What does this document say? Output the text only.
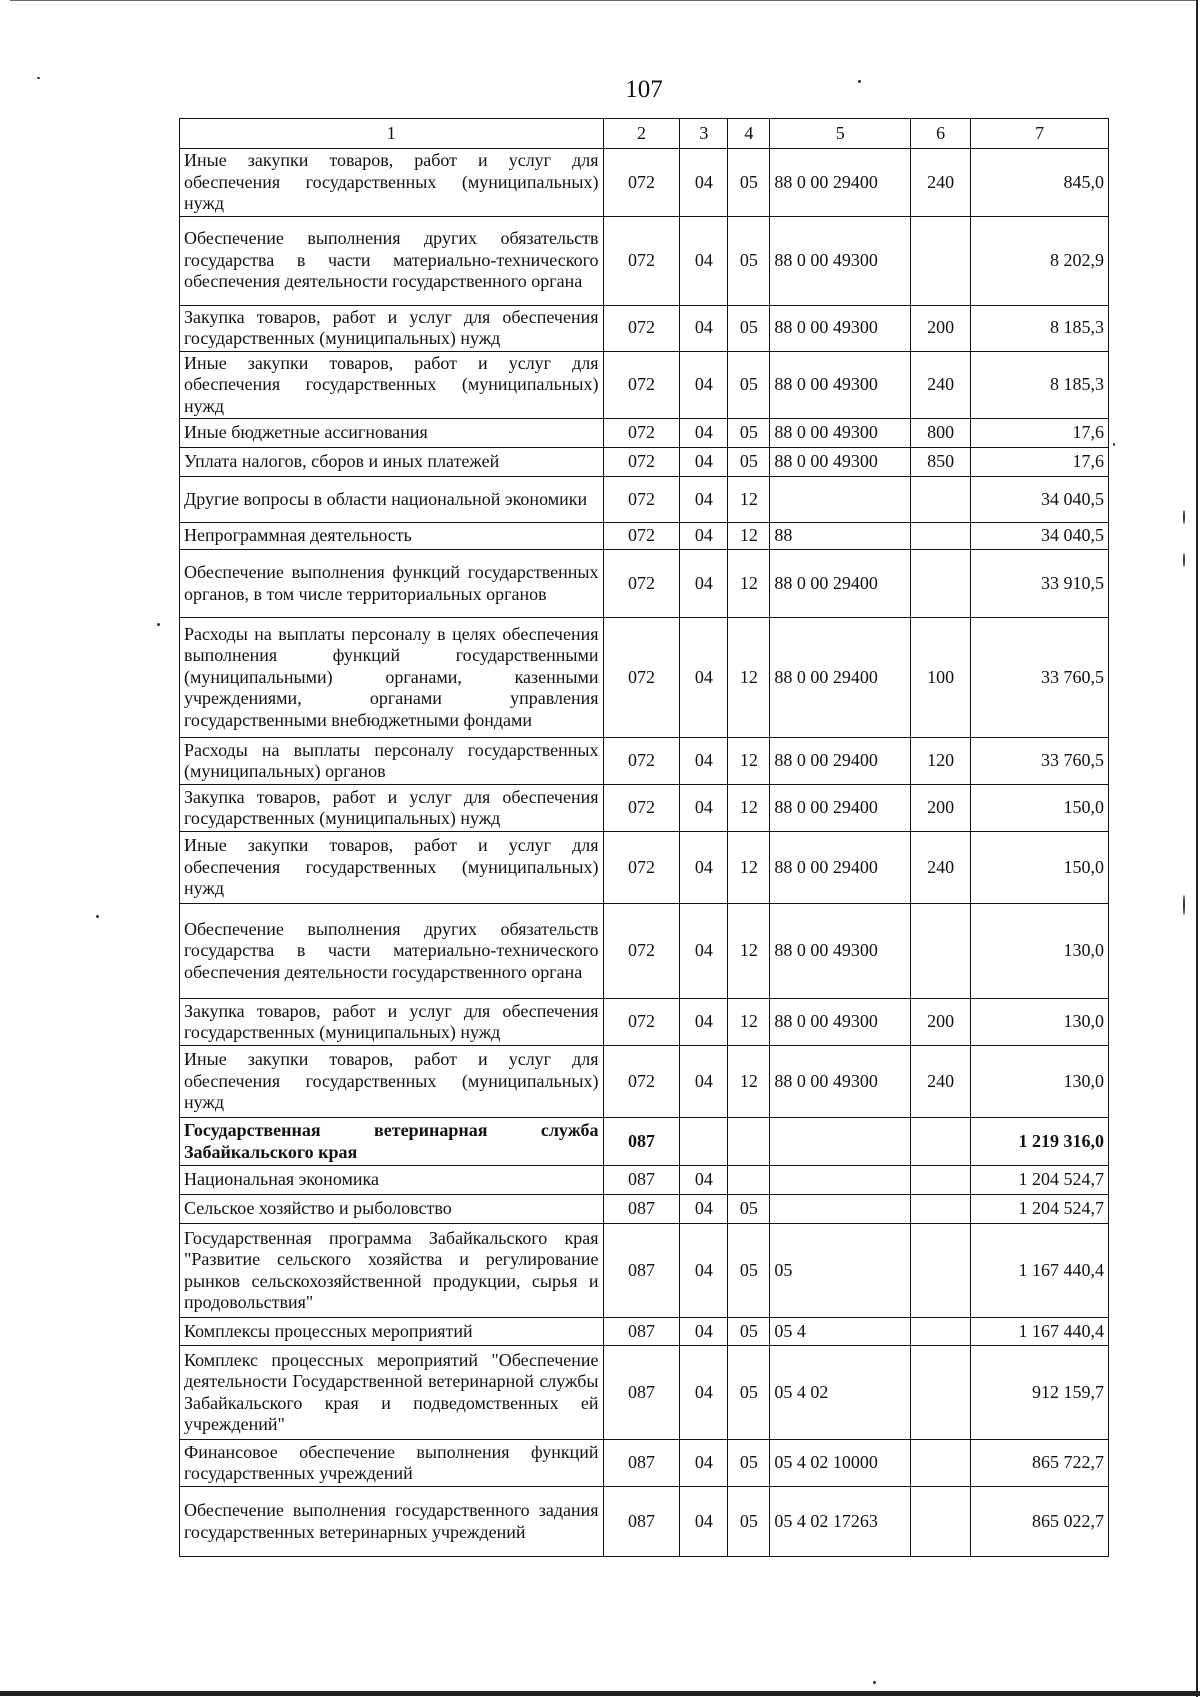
107
1	2	3	4	5	6	7
Иные закупки товаров, работ и услуг для обеспечения государственных (муниципальных) нужд	072	04	05	88 0 00 29400	240	845,0
Обеспечение выполнения других обязательств государства в части материально-технического обеспечения деятельности государственного органа	072	04	05	88 0 00 49300		8 202,9
Закупка товаров, работ и услуг для обеспечения государственных (муниципальных) нужд	072	04	05	88 0 00 49300	200	8 185,3
Иные закупки товаров, работ и услуг для обеспечения государственных (муниципальных) нужд	072	04	05	88 0 00 49300	240	8 185,3
Иные бюджетные ассигнования	072	04	05	88 0 00 49300	800	17,6
Уплата налогов, сборов и иных платежей	072	04	05	88 0 00 49300	850	17,6
Другие вопросы в области национальной экономики	072	04	12			34 040,5
Непрограммная деятельность	072	04	12	88		34 040,5
Обеспечение выполнения функций государственных органов, в том числе территориальных органов	072	04	12	88 0 00 29400		33 910,5
Расходы на выплаты персоналу в целях обеспечения выполнения функций государственными (муниципальными) органами, казенными учреждениями, органами управления государственными внебюджетными фондами	072	04	12	88 0 00 29400	100	33 760,5
Расходы на выплаты персоналу государственных (муниципальных) органов	072	04	12	88 0 00 29400	120	33 760,5
Закупка товаров, работ и услуг для обеспечения государственных (муниципальных) нужд	072	04	12	88 0 00 29400	200	150,0
Иные закупки товаров, работ и услуг для обеспечения государственных (муниципальных) нужд	072	04	12	88 0 00 29400	240	150,0
Обеспечение выполнения других обязательств государства в части материально-технического обеспечения деятельности государственного органа	072	04	12	88 0 00 49300		130,0
Закупка товаров, работ и услуг для обеспечения государственных (муниципальных) нужд	072	04	12	88 0 00 49300	200	130,0
Иные закупки товаров, работ и услуг для обеспечения государственных (муниципальных) нужд	072	04	12	88 0 00 49300	240	130,0
Государственная ветеринарная служба Забайкальского края	087					1 219 316,0
Национальная экономика	087	04				1 204 524,7
Сельское хозяйство и рыболовство	087	04	05			1 204 524,7
Государственная программа Забайкальского края "Развитие сельского хозяйства и регулирование рынков сельскохозяйственной продукции, сырья и продовольствия"	087	04	05	05		1 167 440,4
Комплексы процессных мероприятий	087	04	05	05 4		1 167 440,4
Комплекс процессных мероприятий "Обеспечение деятельности Государственной ветеринарной службы Забайкальского края и подведомственных ей учреждений"	087	04	05	05 4 02		912 159,7
Финансовое обеспечение выполнения функций государственных учреждений	087	04	05	05 4 02 10000		865 722,7
Обеспечение выполнения государственного задания государственных ветеринарных учреждений	087	04	05	05 4 02 17263		865 022,7
